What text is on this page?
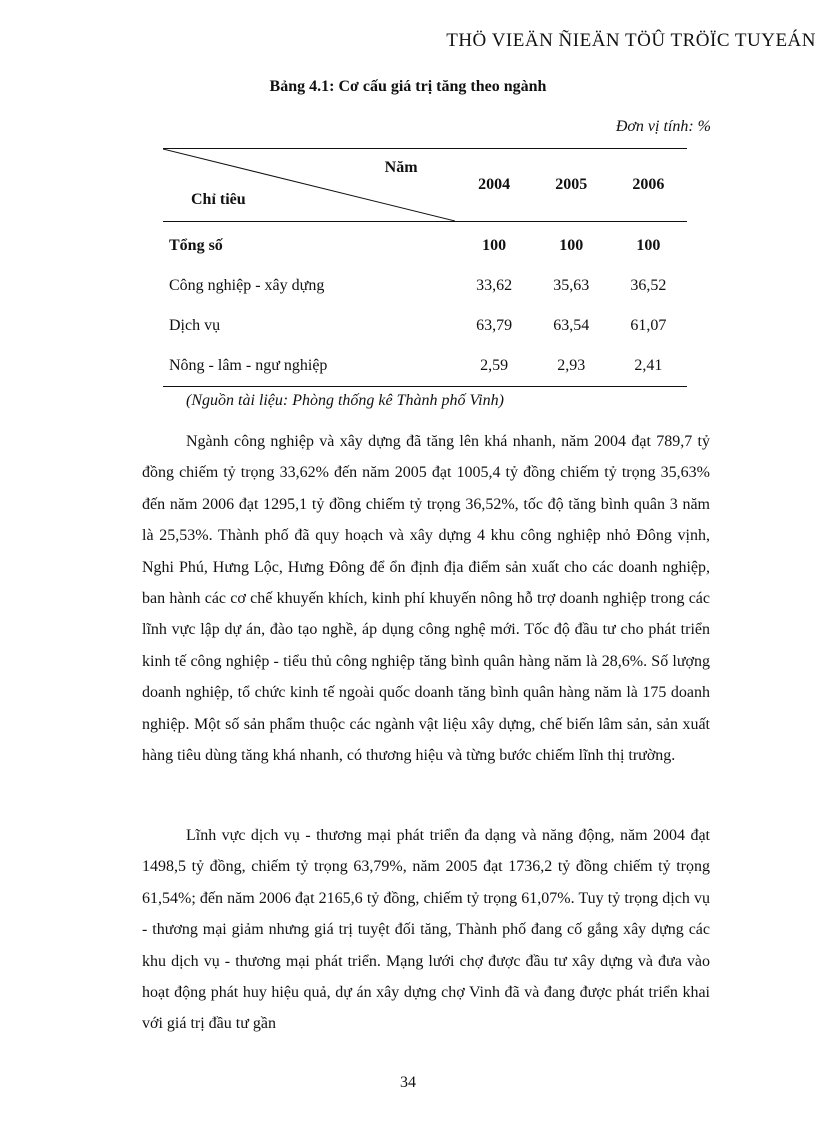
THÖ VIEÄN ÑIEÄN TÖÛ TRÖÏC TUYEÁN
Bảng 4.1: Cơ cấu giá trị tăng theo ngành
Đơn vị tính: %
Năm
Chỉ tiêu	2004	2005	2006
Tổng số	100	100	100
Công nghiệp - xây dựng	33,62	35,63	36,52
Dịch vụ	63,79	63,54	61,07
Nông - lâm - ngư nghiệp	2,59	2,93	2,41
(Nguồn tài liệu: Phòng thống kê Thành phố Vinh)

Ngành công nghiệp và xây dựng đã tăng lên khá nhanh, năm 2004 đạt 789,7 tỷ đồng chiếm tỷ trọng 33,62% đến năm 2005 đạt 1005,4 tỷ đồng chiếm tỷ trọng 35,63% đến năm 2006 đạt 1295,1 tỷ đồng chiếm tỷ trọng 36,52%, tốc độ tăng bình quân 3 năm là 25,53%. Thành phố đã quy hoạch và xây dựng 4 khu công nghiệp nhỏ Đông vịnh, Nghi Phú, Hưng Lộc, Hưng Đông để ổn định địa điểm sản xuất cho các doanh nghiệp, ban hành các cơ chế khuyến khích, kinh phí khuyến nông hỗ trợ doanh nghiệp trong các lĩnh vực lập dự án, đào tạo nghề, áp dụng công nghệ mới. Tốc độ đầu tư cho phát triển kinh tế công nghiệp - tiểu thủ công nghiệp tăng bình quân hàng năm là 28,6%. Số lượng doanh nghiệp, tổ chức kinh tế ngoài quốc doanh tăng bình quân hàng năm là 175 doanh nghiệp. Một số sản phẩm thuộc các ngành vật liệu xây dựng, chế biến lâm sản, sản xuất hàng tiêu dùng tăng khá nhanh, có thương hiệu và từng bước chiếm lĩnh thị trường.

Lĩnh vực dịch vụ - thương mại phát triển đa dạng và năng động, năm 2004 đạt 1498,5 tỷ đồng, chiếm tỷ trọng 63,79%, năm 2005 đạt 1736,2 tỷ đồng chiếm tỷ trọng 61,54%; đến năm 2006 đạt 2165,6 tỷ đồng, chiếm tỷ trọng 61,07%. Tuy tỷ trọng dịch vụ - thương mại giảm nhưng giá trị tuyệt đối tăng, Thành phố đang cố gắng xây dựng các khu dịch vụ - thương mại phát triển. Mạng lưới chợ được đầu tư xây dựng và đưa vào hoạt động phát huy hiệu quả, dự án xây dựng chợ Vinh đã và đang được phát triển khai với giá trị đầu tư gần

34
